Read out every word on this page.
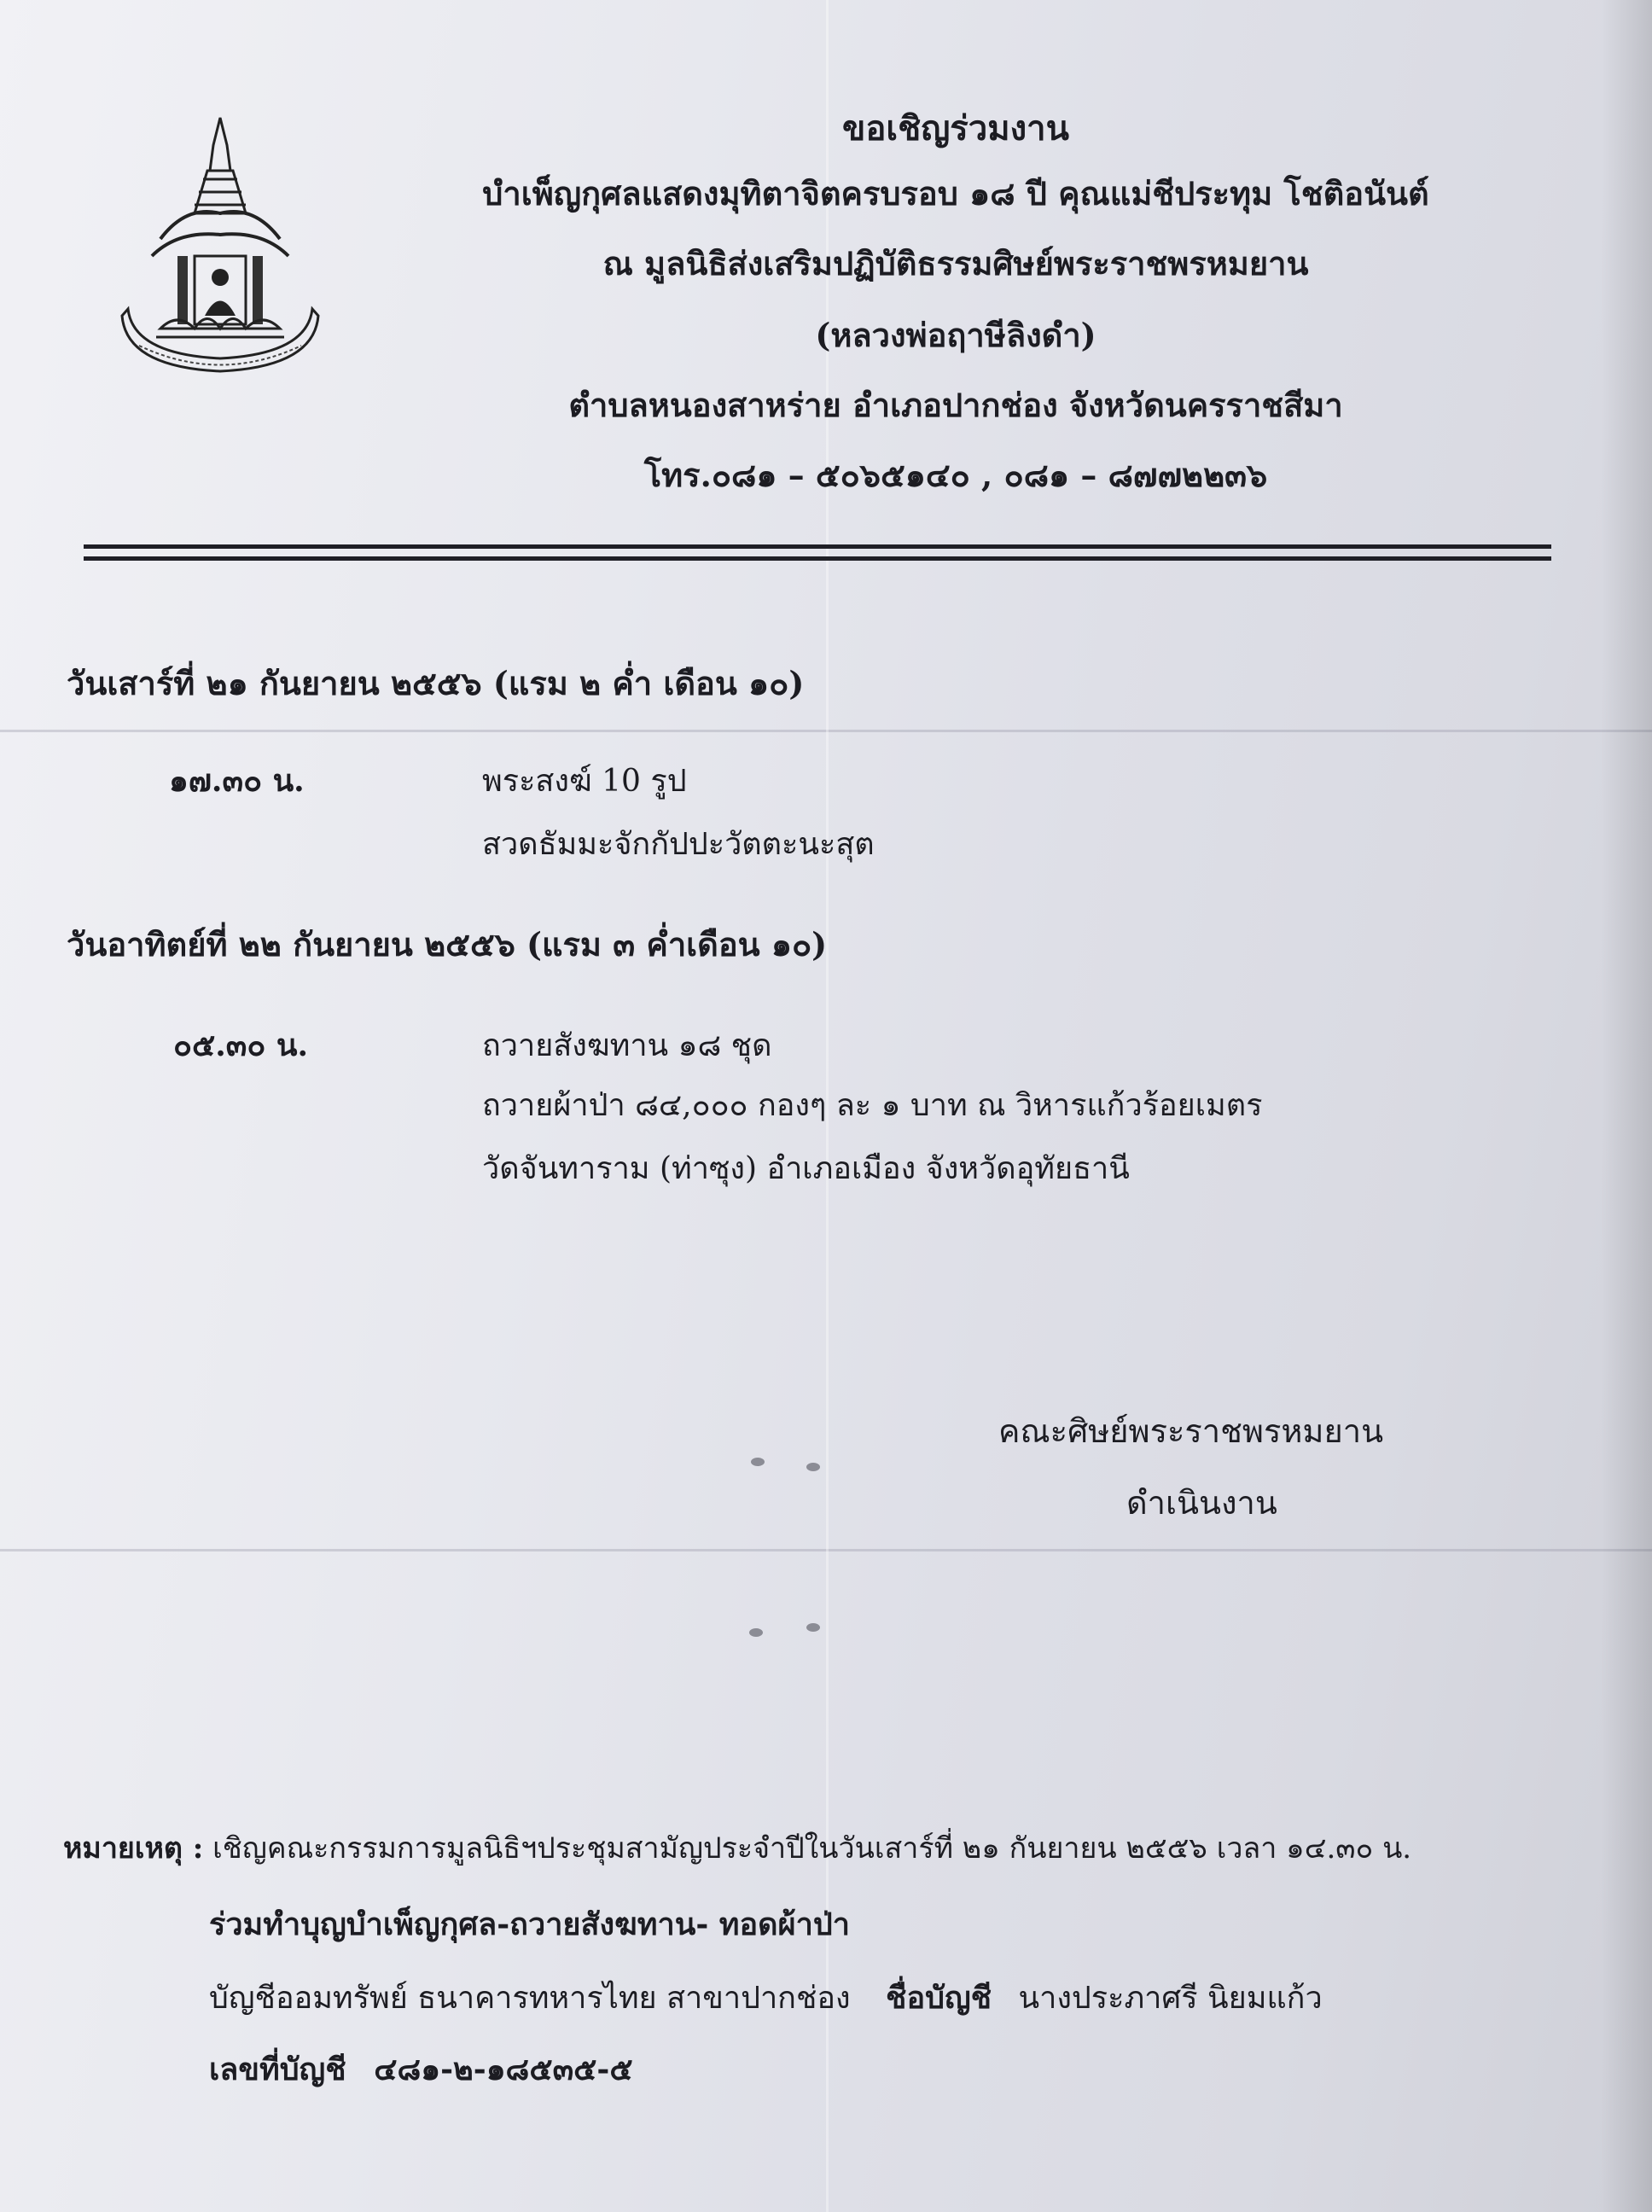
ขอเชิญร่วมงาน
บำเพ็ญกุศลแสดงมุทิตาจิตครบรอบ ๑๘ ปี คุณแม่ชีประทุม โชติอนันต์
ณ มูลนิธิส่งเสริมปฏิบัติธรรมศิษย์พระราชพรหมยาน
(หลวงพ่อฤาษีลิงดำ)
ตำบลหนองสาหร่าย อำเภอปากช่อง จังหวัดนครราชสีมา
โทร.๐๘๑ – ๕๐๖๕๑๔๐ , ๐๘๑ – ๘๗๗๒๒๓๖
วันเสาร์ที่ ๒๑ กันยายน ๒๕๕๖ (แรม ๒ ค่ำ เดือน ๑๐)
๑๗.๓๐ น.	พระสงฆ์ 10 รูป
สวดธัมมะจักกัปปะวัตตะนะสุต
วันอาทิตย์ที่ ๒๒ กันยายน ๒๕๕๖ (แรม ๓ ค่ำเดือน ๑๐)
๐๕.๓๐ น.	ถวายสังฆทาน ๑๘ ชุด
ถวายผ้าป่า ๘๔,๐๐๐ กองๆ ละ ๑ บาท ณ วิหารแก้วร้อยเมตร
วัดจันทาราม (ท่าซุง) อำเภอเมือง จังหวัดอุทัยธานี
คณะศิษย์พระราชพรหมยาน
ดำเนินงาน
หมายเหตุ : เชิญคณะกรรมการมูลนิธิฯประชุมสามัญประจำปีในวันเสาร์ที่ ๒๑ กันยายน ๒๕๕๖ เวลา ๑๔.๓๐ น.
ร่วมทำบุญบำเพ็ญกุศล-ถวายสังฆทาน- ทอดผ้าป่า
บัญชีออมทรัพย์ ธนาคารทหารไทย สาขาปากช่อง ชื่อบัญชี นางประภาศรี นิยมแก้ว
เลขที่บัญชี ๔๘๑-๒-๑๘๕๓๕-๕
